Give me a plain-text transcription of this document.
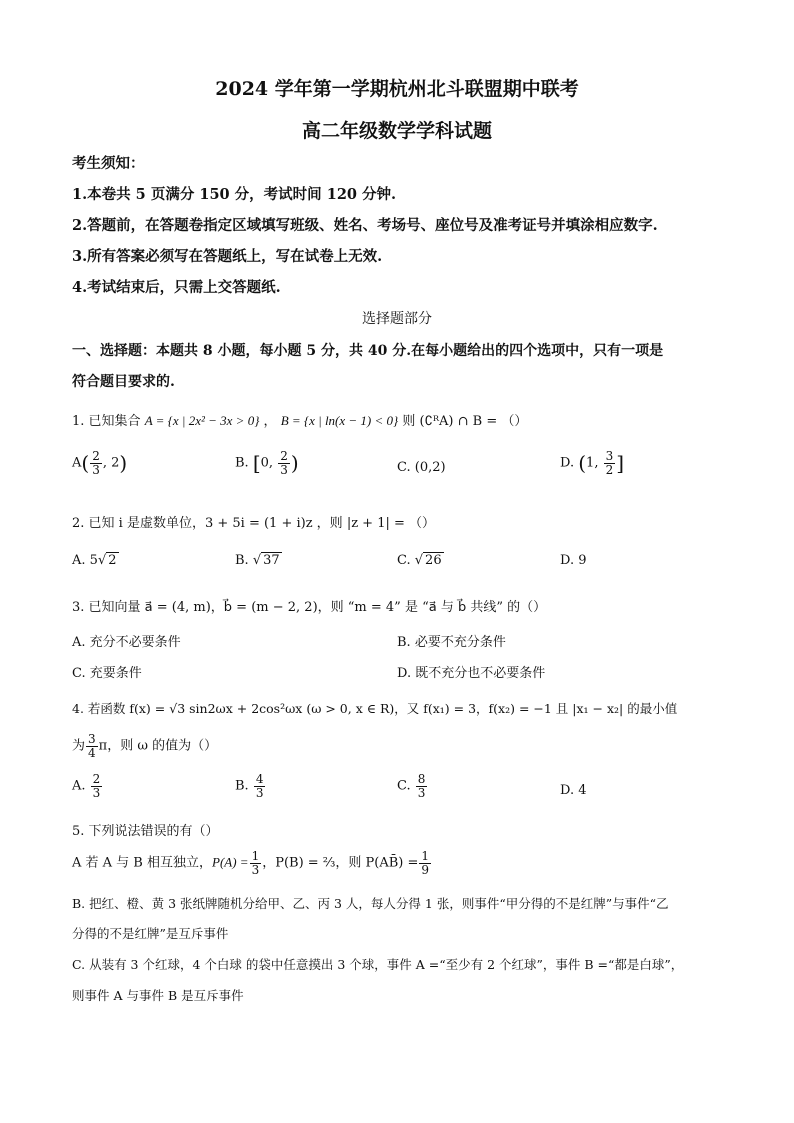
2024 学年第一学期杭州北斗联盟期中联考
高二年级数学学科试题
考生须知：
1.本卷共 5 页满分 150 分，考试时间 120 分钟.
2.答题前，在答题卷指定区域填写班级、姓名、考场号、座位号及准考证号并填涂相应数字.
3.所有答案必须写在答题纸上，写在试卷上无效.
4.考试结束后，只需上交答题纸.
选择题部分
一、选择题：本题共 8 小题，每小题 5 分，共 40 分.在每小题给出的四个选项中，只有一项是
符合题目要求的.
1. 已知集合 A = {x | 2x² − 3x > 0} ， B = {x | ln(x − 1) < 0} 则 (∁ᴿA) ∩ B = （）
$A( \frac{2}{3}$ , 2)	B. [0, $\frac{2}{3}$ )	C. (0,2)	D. (1, $\frac{3}{2}$ ]
2. 已知 i 是虚数单位，3 + 5i = (1 + i)z ，则 |z + 1| = （）
A. 5√ 2	B. √ 37	C. √ 26	D. 9
3. 已知向量 a⃗ = (4, m)，b⃗ = (m − 2, 2)，则 “m = 4” 是 “a⃗ 与 b⃗ 共线” 的（）
A. 充分不必要条件	B. 必要不充分条件
C. 充要条件	D. 既不充分也不必要条件
4. 若函数 f(x) = √3 sin2ωx + 2cos²ωx (ω > 0, x ∈ R)，又 f(x₁) = 3，f(x₂) = −1 且 |x₁ − x₂| 的最小值
为 $\frac{3}{4}$ π，则 ω 的值为（）
A. $\frac{2}{3}$	B. $\frac{4}{3}$	C. $\frac{8}{3}$	D. 4
5. 下列说法错误的有（）
A 若 A 与 B 相互独立，$P(A) = \frac{1}{3}$ ，P(B) = ⅔，则 P(AB̄) = $\frac{1}{9}$
B. 把红、橙、黄 3 张纸牌随机分给甲、乙、丙 3 人，每人分得 1 张，则事件“甲分得的不是红牌”与事件“乙
分得的不是红牌”是互斥事件
C. 从装有 3 个红球，4 个白球 的袋中任意摸出 3 个球，事件 A =“至少有 2 个红球”，事件 B =“都是白球”，
则事件 A 与事件 B 是互斥事件
